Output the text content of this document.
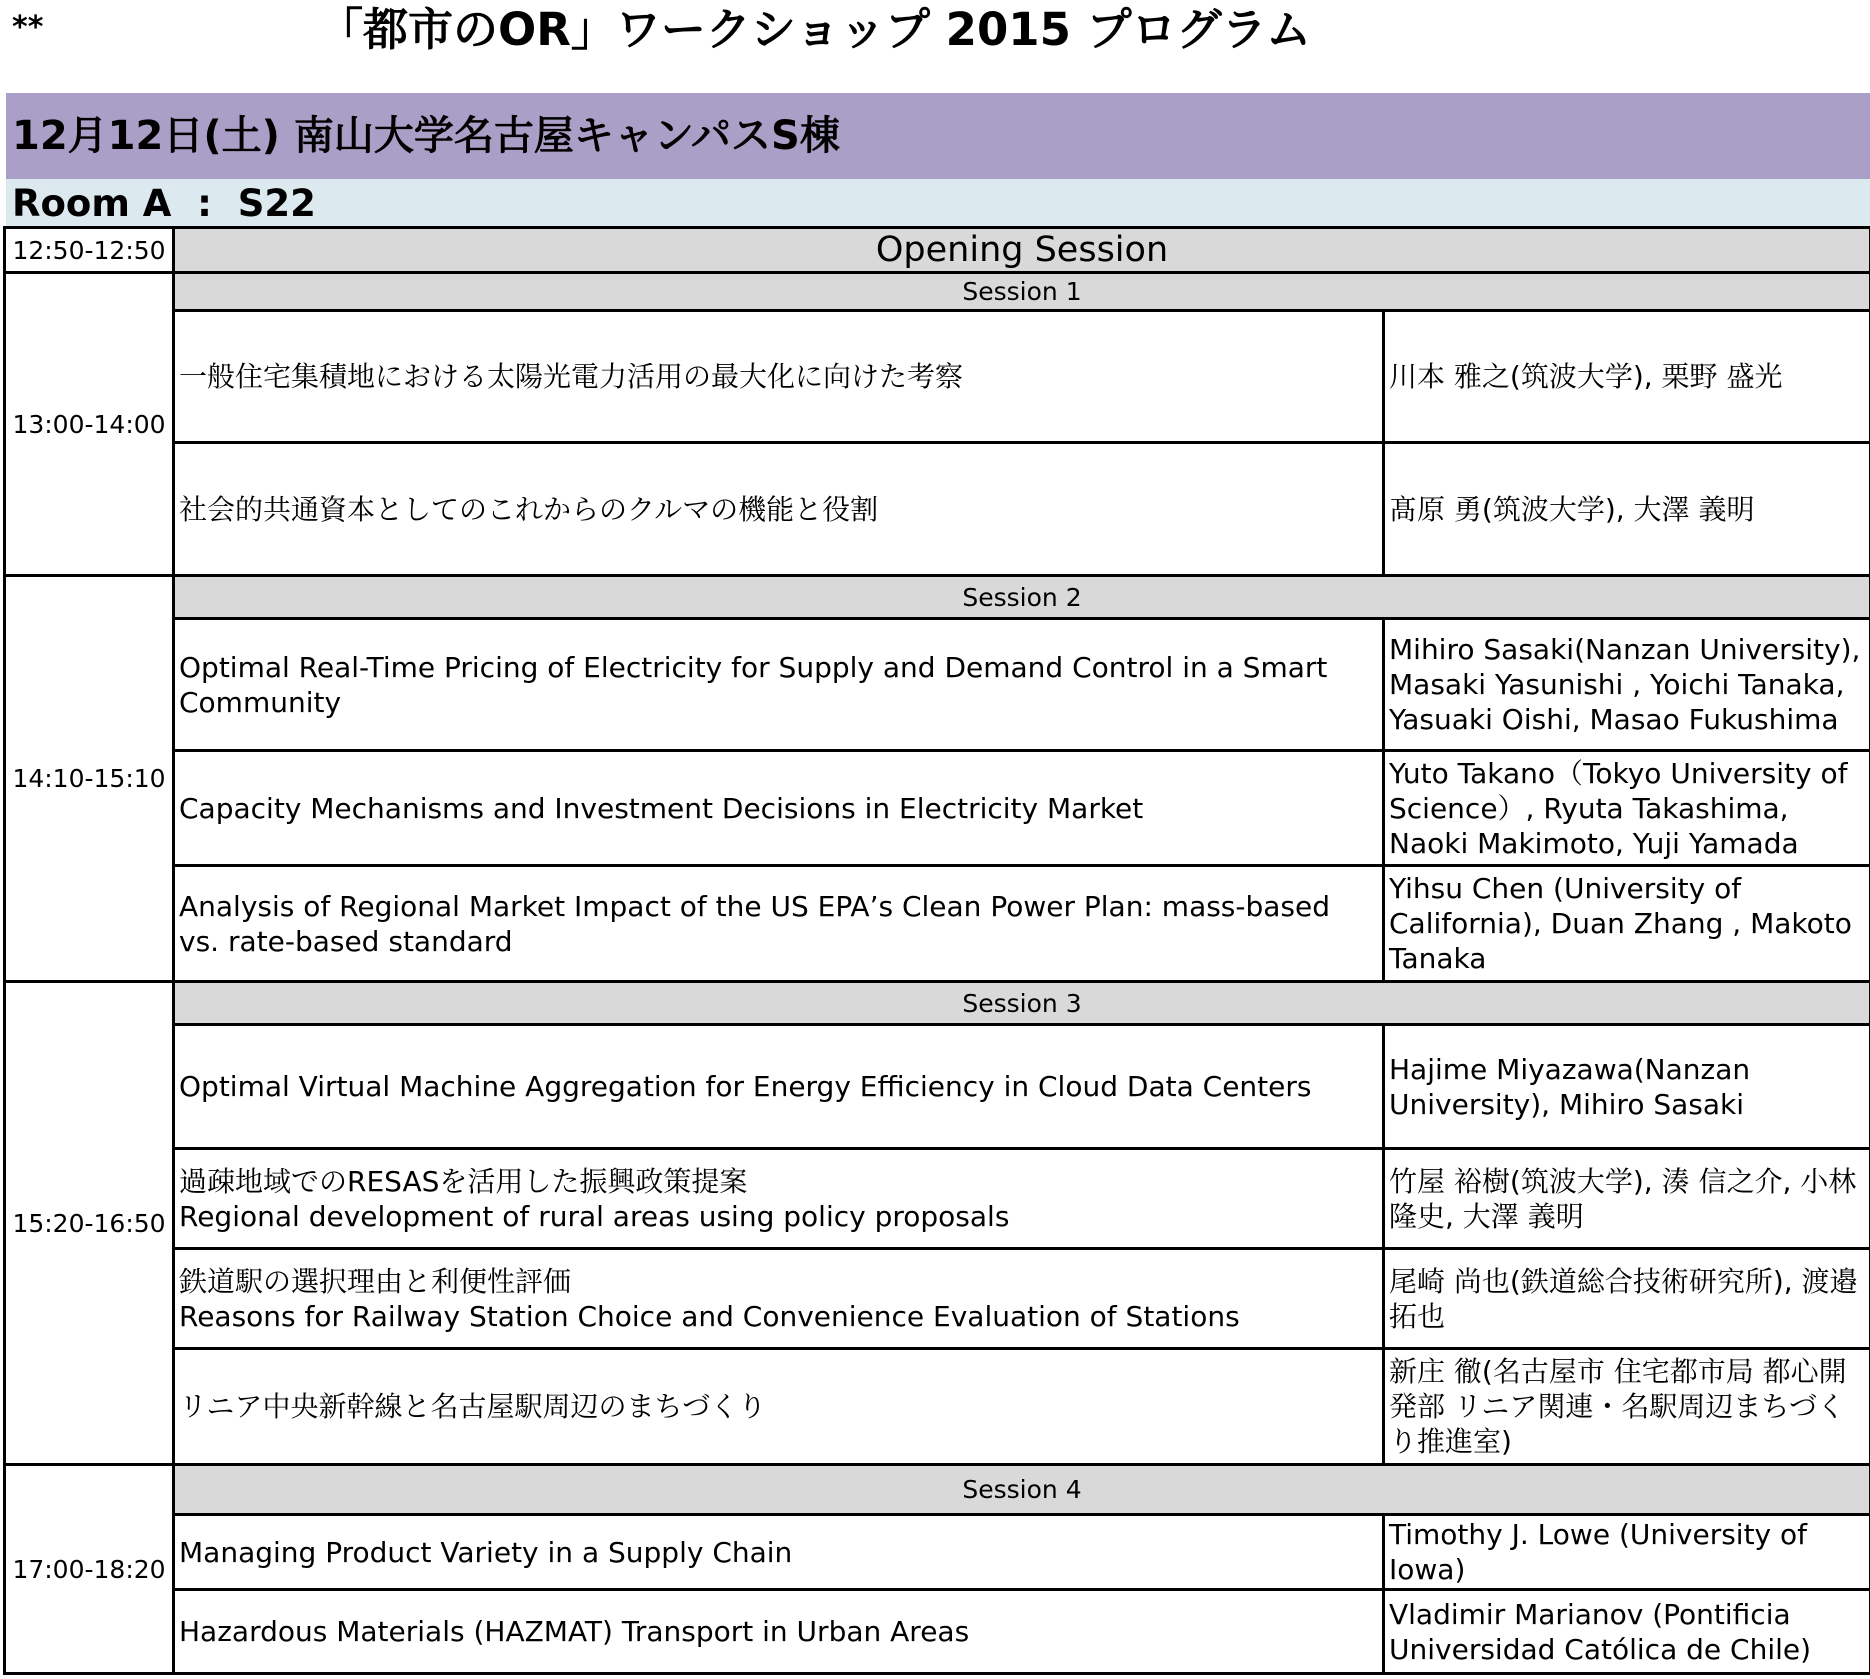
**	「都市のOR」ワークショップ 2015 プログラム
12月12日(土) 南山大学名古屋キャンパスS棟
Room A  :  S22
12:50-12:50	Opening Session	
13:00-14:00	Session 1	
	一般住宅集積地における太陽光電力活用の最大化に向けた考察	川本 雅之(筑波大学), 栗野 盛光
	社会的共通資本としてのこれからのクルマの機能と役割	髙原 勇(筑波大学), 大澤 義明
14:10-15:10	Session 2	
	Optimal Real-Time Pricing of Electricity for Supply and Demand Control in a Smart Community	Mihiro Sasaki(Nanzan University), Masaki Yasunishi , Yoichi Tanaka, Yasuaki Oishi, Masao Fukushima
	Capacity Mechanisms and Investment Decisions in Electricity Market	Yuto Takano（Tokyo University of Science）, Ryuta Takashima, Naoki Makimoto, Yuji Yamada
	Analysis of Regional Market Impact of the US EPA’s Clean Power Plan: mass-based vs. rate-based standard	Yihsu Chen (University of California), Duan Zhang , Makoto Tanaka
15:20-16:50	Session 3	
	Optimal Virtual Machine Aggregation for Energy Efficiency in Cloud Data Centers	Hajime Miyazawa(Nanzan University), Mihiro Sasaki

	過疎地域でのRESASを活用した振興政策提案
Regional development of rural areas using policy proposals	竹屋 裕樹(筑波大学), 湊 信之介, 小林 隆史, 大澤 義明

	鉄道駅の選択理由と利便性評価
Reasons for Railway Station Choice and Convenience Evaluation of Stations	尾崎 尚也(鉄道総合技術研究所), 渡邉拓也
	リニア中央新幹線と名古屋駅周辺のまちづくり	新庄 徹(名古屋市 住宅都市局 都心開発部 リニア関連・名駅周辺まちづくり推進室)
17:00-18:20	Session 4	
	Managing Product Variety in a Supply Chain	Timothy J. Lowe (University of Iowa)
	Hazardous Materials (HAZMAT) Transport in Urban Areas	Vladimir Marianov (Pontificia Universidad Católica de Chile)
